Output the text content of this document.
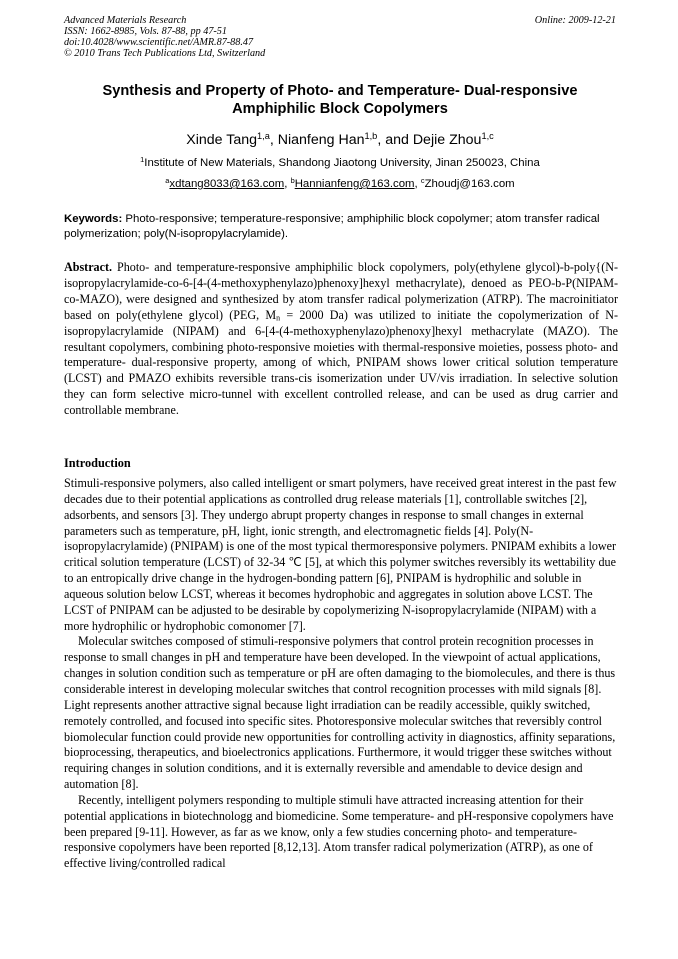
Advanced Materials Research
ISSN: 1662-8985, Vols. 87-88, pp 47-51
doi:10.4028/www.scientific.net/AMR.87-88.47
© 2010 Trans Tech Publications Ltd, Switzerland
Online: 2009-12-21
Synthesis and Property of Photo- and Temperature- Dual-responsive
Amphiphilic Block Copolymers
Xinde Tang$^{1,a}$, Nianfeng Han$^{1,b}$, and Dejie Zhou$^{1,c}$
$^1$Institute of New Materials, Shandong Jiaotong University, Jinan 250023, China
$^a$xdtang8033@163.com, $^b$Hannianfeng@163.com, $^c$Zhoudj@163.com
Keywords: Photo-responsive; temperature-responsive; amphiphilic block copolymer; atom transfer radical polymerization; poly(N-isopropylacrylamide).
Abstract. Photo- and temperature-responsive amphiphilic block copolymers, poly(ethylene glycol)-b-poly{(N-isopropylacrylamide-co-6-[4-(4-methoxyphenylazo)phenoxy]hexyl methacrylate), denoed as PEO-b-P(NIPAM-co-MAZO), were designed and synthesized by atom transfer radical polymerization (ATRP). The macroinitiator based on poly(ethylene glycol) (PEG, $M_n = 2000$ Da) was utilized to initiate the copolymerization of N-isopropylacrylamide (NIPAM) and 6-[4-(4-methoxyphenylazo)phenoxy]hexyl methacrylate (MAZO). The resultant copolymers, combining photo-responsive moieties with thermal-responsive moieties, possess photo- and temperature- dual-responsive property, among of which, PNIPAM shows lower critical solution temperature (LCST) and PMAZO exhibits reversible trans-cis isomerization under UV/vis irradiation. In selective solution they can form selective micro-tunnel with excellent controlled release, and can be used as drug carrier and controllable membrane.
Introduction

Stimuli-responsive polymers, also called intelligent or smart polymers, have received great interest in the past few decades due to their potential applications as controlled drug release materials [1], controllable switches [2], adsorbents, and sensors [3]. They undergo abrupt property changes in response to small changes in external parameters such as temperature, pH, light, ionic strength, and electromagnetic fields [4]. Poly(N-isopropylacrylamide) (PNIPAM) is one of the most typical thermoresponsive polymers. PNIPAM exhibits a lower critical solution temperature (LCST) of 32-34 ℃ [5], at which this polymer switches reversibly its wettability due to an entropically drive change in the hydrogen-bonding pattern [6], PNIPAM is hydrophilic and soluble in aqueous solution below LCST, whereas it becomes hydrophobic and aggregates in solution above LCST. The LCST of PNIPAM can be adjusted to be desirable by copolymerizing N-isopropylacrylamide (NIPAM) with a more hydrophilic or hydrophobic comonomer [7].

Molecular switches composed of stimuli-responsive polymers that control protein recognition processes in response to small changes in pH and temperature have been developed. In the viewpoint of actual applications, changes in solution condition such as temperature or pH are often damaging to the biomolecules, and there is thus considerable interest in developing molecular switches that control recognition processes with mild signals [8]. Light represents another attractive signal because light irradiation can be readily accessible, quikly switched, remotely controlled, and focused into specific sites. Photoresponsive molecular switches that reversibly control biomolecular function could provide new opportunities for controlling activity in diagnostics, affinity separations, bioprocessing, therapeutics, and bioelectronics applications. Furthermore, it would trigger these switches without requiring changes in solution conditions, and it is externally reversible and amendable to device design and automation [8].

Recently, intelligent polymers responding to multiple stimuli have attracted increasing attention for their potential applications in biotechnologg and biomedicine. Some temperature- and pH-responsive copolymers have been prepared [9-11]. However, as far as we know, only a few studies concerning photo- and temperature-responsive copolymers have been reported [8,12,13]. Atom transfer radical polymerization (ATRP), as one of effective living/controlled radical
